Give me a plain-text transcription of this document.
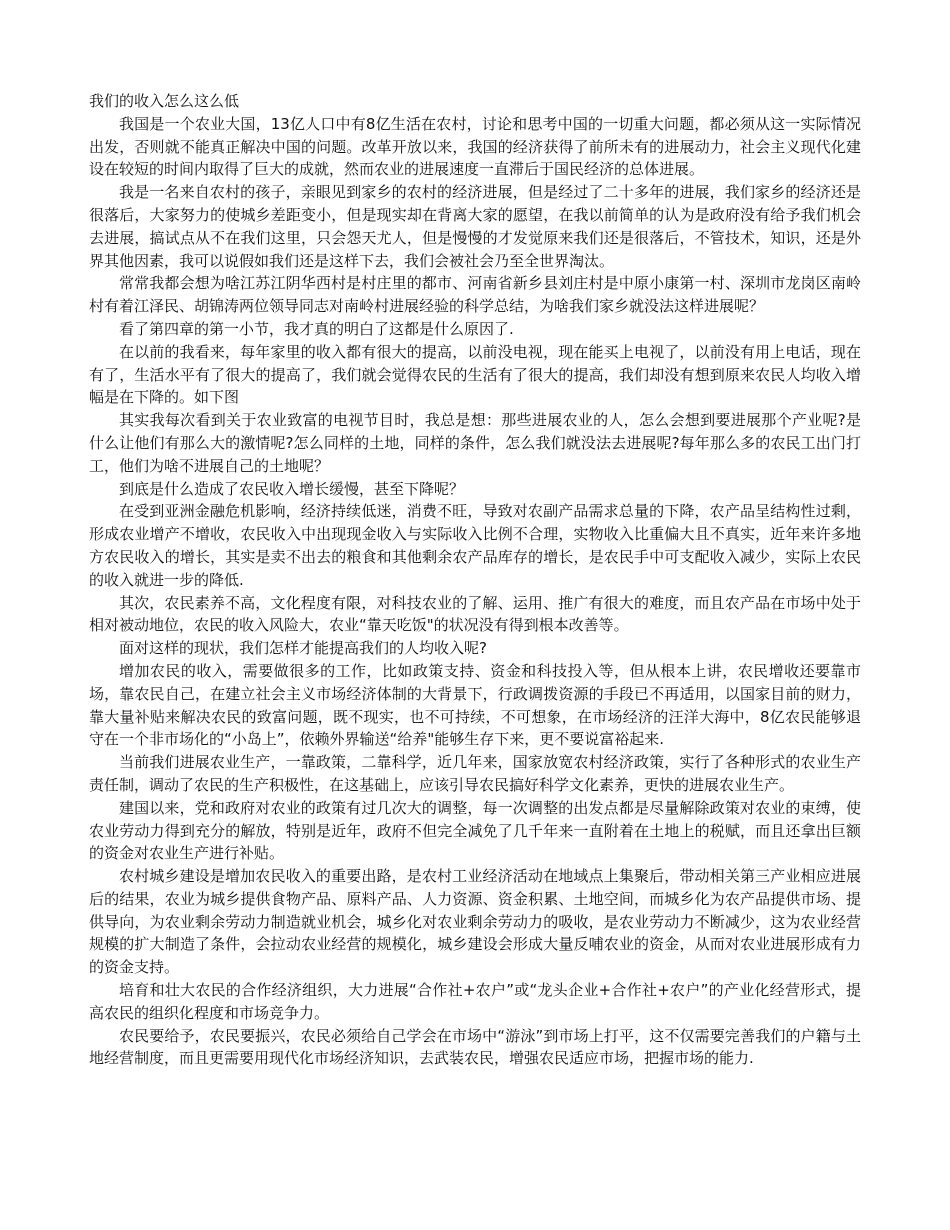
我们的收入怎么这么低

我国是一个农业大国，13亿人口中有8亿生活在农村，讨论和思考中国的一切重大问题，都必须从这一实际情况出发，否则就不能真正解决中国的问题。改革开放以来，我国的经济获得了前所未有的进展动力，社会主义现代化建设在较短的时间内取得了巨大的成就，然而农业的进展速度一直滞后于国民经济的总体进展。

我是一名来自农村的孩子，亲眼见到家乡的农村的经济进展，但是经过了二十多年的进展，我们家乡的经济还是很落后，大家努力的使城乡差距变小，但是现实却在背离大家的愿望，在我以前简单的认为是政府没有给予我们机会去进展，搞试点从不在我们这里，只会怨天尤人，但是慢慢的才发觉原来我们还是很落后，不管技术，知识，还是外界其他因素，我可以说假如我们还是这样下去，我们会被社会乃至全世界淘汰。

常常我都会想为啥江苏江阴华西村是村庄里的都市、河南省新乡县刘庄村是中原小康第一村、深圳市龙岗区南岭村有着江泽民、胡锦涛两位领导同志对南岭村进展经验的科学总结，为啥我们家乡就没法这样进展呢？

看了第四章的第一小节，我才真的明白了这都是什么原因了.

在以前的我看来，每年家里的收入都有很大的提高，以前没电视，现在能买上电视了，以前没有用上电话，现在有了，生活水平有了很大的提高了，我们就会觉得农民的生活有了很大的提高，我们却没有想到原来农民人均收入增幅是在下降的。如下图

其实我每次看到关于农业致富的电视节目时，我总是想：那些进展农业的人，怎么会想到要进展那个产业呢?是什么让他们有那么大的激情呢?怎么同样的土地，同样的条件，怎么我们就没法去进展呢?每年那么多的农民工出门打工，他们为啥不进展自己的土地呢？

到底是什么造成了农民收入增长缓慢，甚至下降呢？

在受到亚洲金融危机影响，经济持续低迷，消费不旺，导致对农副产品需求总量的下降，农产品呈结构性过剩，形成农业增产不增收，农民收入中出现现金收入与实际收入比例不合理，实物收入比重偏大且不真实，近年来许多地方农民收入的增长，其实是卖不出去的粮食和其他剩余农产品库存的增长，是农民手中可支配收入减少，实际上农民的收入就进一步的降低.

其次，农民素养不高，文化程度有限，对科技农业的了解、运用、推广有很大的难度，而且农产品在市场中处于相对被动地位，农民的收入风险大，农业“靠天吃饭"的状况没有得到根本改善等。

面对这样的现状，我们怎样才能提高我们的人均收入呢?

增加农民的收入，需要做很多的工作，比如政策支持、资金和科技投入等，但从根本上讲，农民增收还要靠市场，靠农民自己，在建立社会主义市场经济体制的大背景下，行政调拨资源的手段已不再适用，以国家目前的财力，靠大量补贴来解决农民的致富问题，既不现实，也不可持续，不可想象，在市场经济的汪洋大海中，8亿农民能够退守在一个非市场化的“小岛上”，依赖外界输送“给养"能够生存下来，更不要说富裕起来.

当前我们进展农业生产，一靠政策，二靠科学，近几年来，国家放宽农村经济政策，实行了各种形式的农业生产责任制，调动了农民的生产积极性，在这基础上，应该引导农民搞好科学文化素养，更快的进展农业生产。

建国以来，党和政府对农业的政策有过几次大的调整，每一次调整的出发点都是尽量解除政策对农业的束缚，使农业劳动力得到充分的解放，特别是近年，政府不但完全减免了几千年来一直附着在土地上的税赋，而且还拿出巨额的资金对农业生产进行补贴。

农村城乡建设是增加农民收入的重要出路，是农村工业经济活动在地域点上集聚后，带动相关第三产业相应进展后的结果，农业为城乡提供食物产品、原料产品、人力资源、资金积累、土地空间，而城乡化为农产品提供市场、提供导向，为农业剩余劳动力制造就业机会，城乡化对农业剩余劳动力的吸收，是农业劳动力不断减少，这为农业经营规模的扩大制造了条件，会拉动农业经营的规模化，城乡建设会形成大量反哺农业的资金，从而对农业进展形成有力的资金支持。

培育和壮大农民的合作经济组织，大力进展“合作社+农户”或“龙头企业+合作社+农户”的产业化经营形式，提高农民的组织化程度和市场竞争力。

农民要给予，农民要振兴，农民必须给自己学会在市场中“游泳”到市场上打平，这不仅需要完善我们的户籍与土地经营制度，而且更需要用现代化市场经济知识，去武装农民，增强农民适应市场，把握市场的能力.
